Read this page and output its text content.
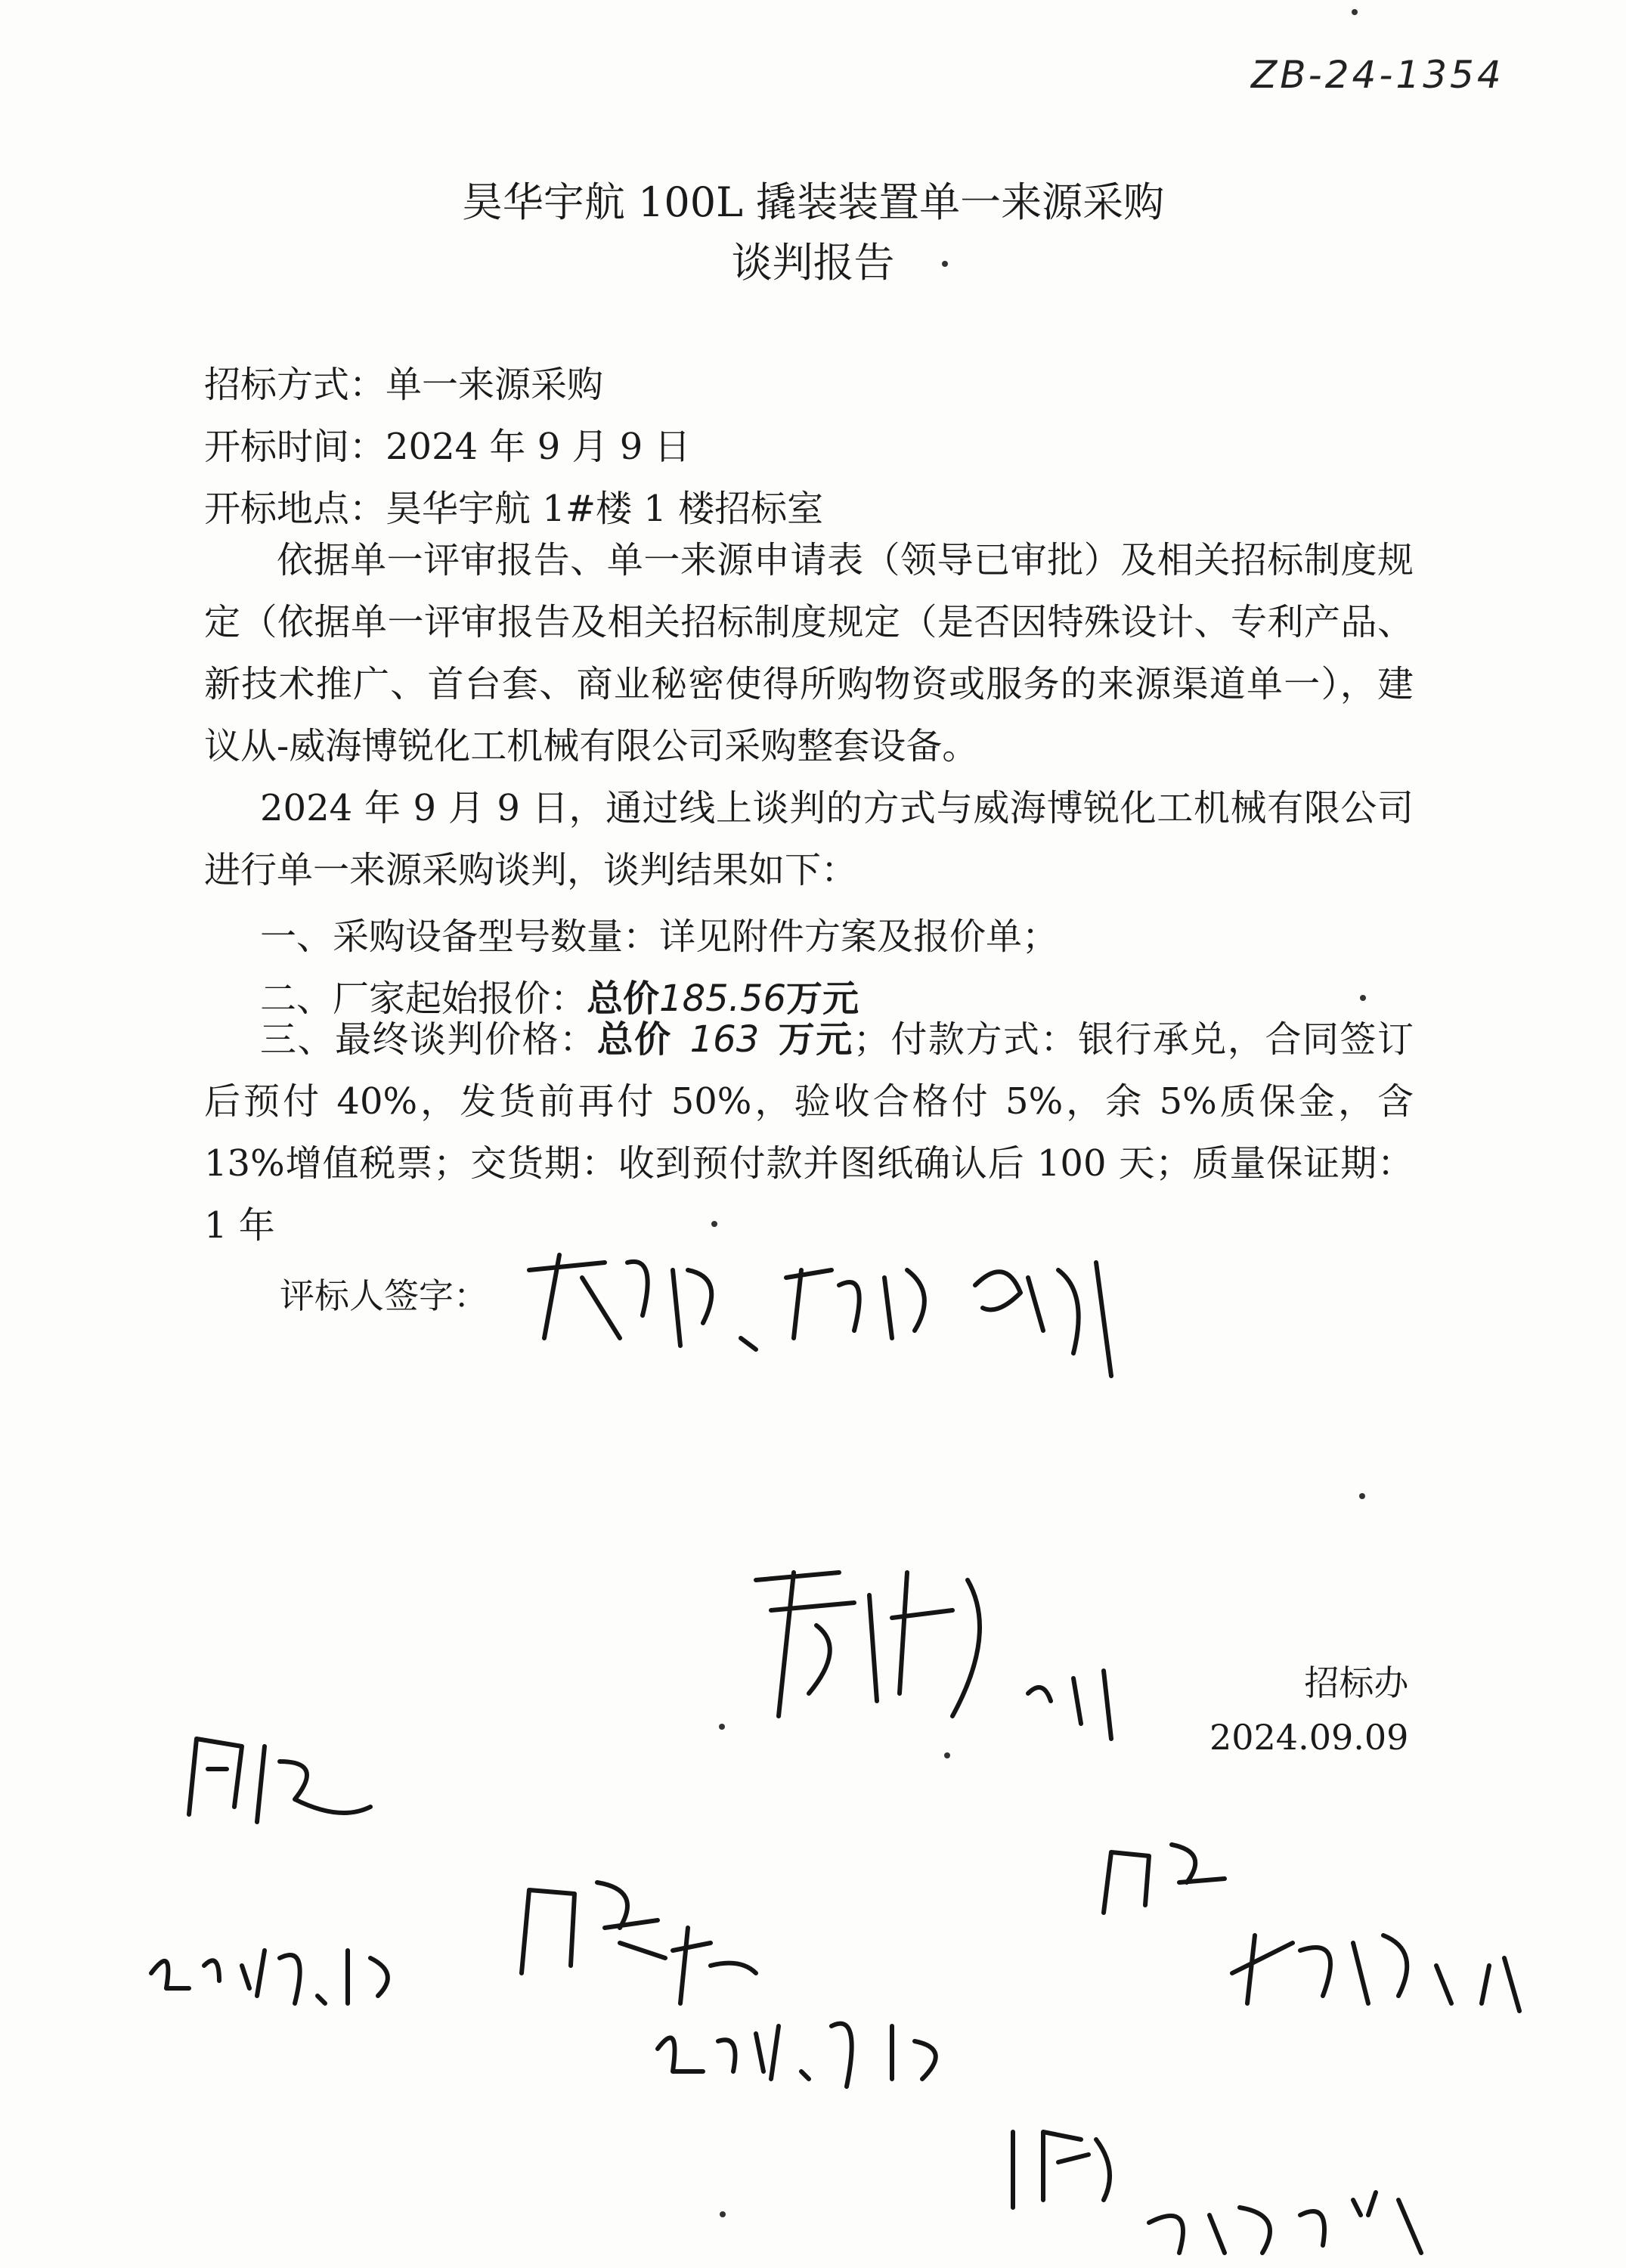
ZB-24-1354
昊华宇航 100L 撬装装置单一来源采购
谈判报告
招标方式：单一来源采购
开标时间：2024 年 9 月 9 日
开标地点：昊华宇航 1#楼 1 楼招标室
依据单一评审报告、单一来源申请表（领导已审批）及相关招标制度规定（依据单一评审报告及相关招标制度规定（是否因特殊设计、专利产品、新技术推广、首台套、商业秘密使得所购物资或服务的来源渠道单一），建议从-威海博锐化工机械有限公司采购整套设备。
2024 年 9 月 9 日，通过线上谈判的方式与威海博锐化工机械有限公司进行单一来源采购谈判，谈判结果如下：
一、采购设备型号数量：详见附件方案及报价单；
二、厂家起始报价：总价185.56万元
三、最终谈判价格：总价 163 万元；付款方式：银行承兑，合同签订后预付 40%，发货前再付 50%，验收合格付 5%，余 5%质保金，含 13%增值税票；交货期：收到预付款并图纸确认后 100 天；质量保证期：1 年
评标人签字：
招标办
2024.09.09
